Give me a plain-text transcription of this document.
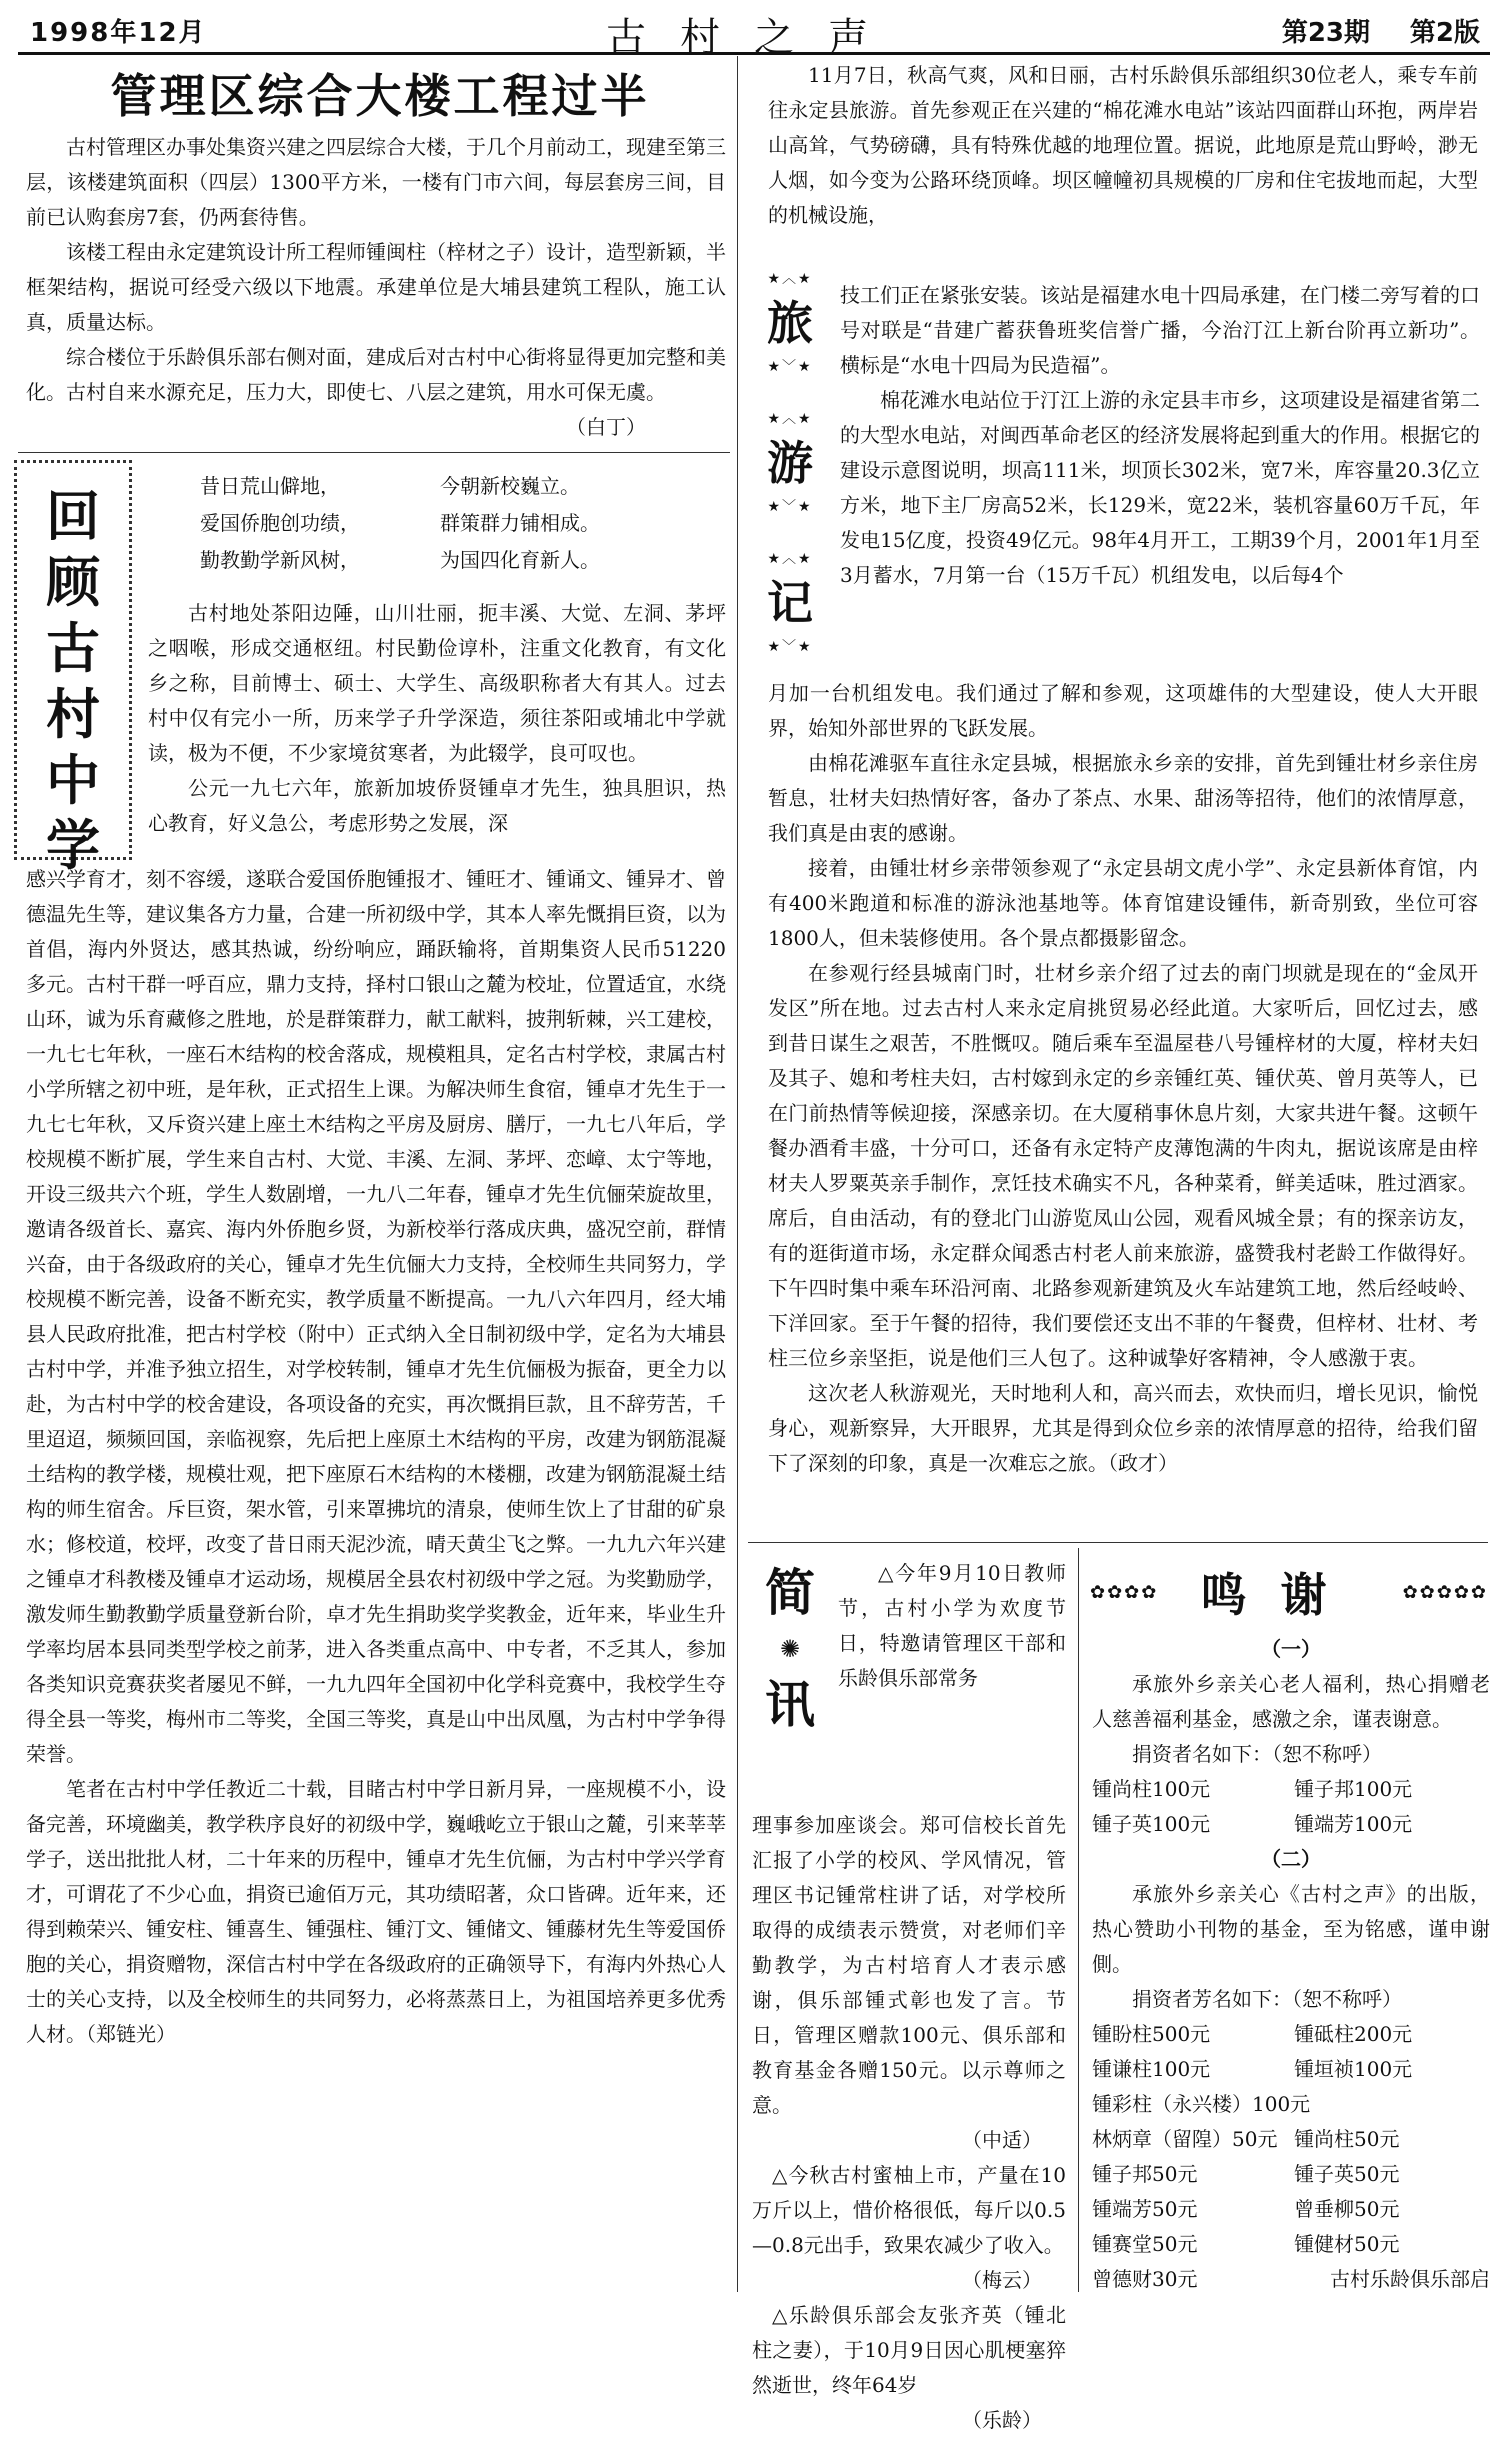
1998年12月	古村之声	第23期 第2版
管理区综合大楼工程过半

古村管理区办事处集资兴建之四层综合大楼，于几个月前动工，现建至第三层，该楼建筑面积（四层）1300平方米，一楼有门市六间，每层套房三间，目前已认购套房7套，仍两套待售。

该楼工程由永定建筑设计所工程师锺闽柱（梓材之子）设计，造型新颖，半框架结构，据说可经受六级以下地震。承建单位是大埔县建筑工程队，施工认真，质量达标。

综合楼位于乐龄俱乐部右侧对面，建成后对古村中心街将显得更加完整和美化。古村自来水源充足，压力大，即使七、八层之建筑，用水可保无虞。

（白丁）

回顾古村中学
昔日荒山僻地，	今朝新校巍立。
爱国侨胞创功绩，	群策群力铺相成。
勤教勤学新风树，	为国四化育新人。

古村地处茶阳边陲，山川壮丽，扼丰溪、大觉、左洞、茅坪之咽喉，形成交通枢纽。村民勤俭谆朴，注重文化教育，有文化乡之称，目前博士、硕士、大学生、高级职称者大有其人。过去村中仅有完小一所，历来学子升学深造，须往茶阳或埔北中学就读，极为不便，不少家境贫寒者，为此辍学，良可叹也。

公元一九七六年，旅新加坡侨贤锺卓才先生，独具胆识，热心教育，好义急公，考虑形势之发展，深

感兴学育才，刻不容缓，遂联合爱国侨胞锺报才、锺旺才、锺诵文、锺异才、曾德温先生等，建议集各方力量，合建一所初级中学，其本人率先慨捐巨资，以为首倡，海内外贤达，感其热诚，纷纷响应，踊跃输将，首期集资人民币51220多元。古村干群一呼百应，鼎力支持，择村口银山之麓为校址，位置适宜，水绕山环，诚为乐育藏修之胜地，於是群策群力，献工献料，披荆斩棘，兴工建校，一九七七年秋，一座石木结构的校舍落成，规模粗具，定名古村学校，隶属古村小学所辖之初中班，是年秋，正式招生上课。为解决师生食宿，锺卓才先生于一九七七年秋，又斥资兴建上座土木结构之平房及厨房、膳厅，一九七八年后，学校规模不断扩展，学生来自古村、大觉、丰溪、左洞、茅坪、恋嶂、太宁等地，开设三级共六个班，学生人数剧增，一九八二年春，锺卓才先生伉俪荣旋故里，邀请各级首长、嘉宾、海内外侨胞乡贤，为新校举行落成庆典，盛况空前，群情兴奋，由于各级政府的关心，锺卓才先生伉俪大力支持，全校师生共同努力，学校规模不断完善，设备不断充实，教学质量不断提高。一九八六年四月，经大埔县人民政府批准，把古村学校（附中）正式纳入全日制初级中学，定名为大埔县古村中学，并准予独立招生，对学校转制，锺卓才先生伉俪极为振奋，更全力以赴，为古村中学的校舍建设，各项设备的充实，再次慨捐巨款，且不辞劳苦，千里迢迢，频频回国，亲临视察，先后把上座原土木结构的平房，改建为钢筋混凝土结构的教学楼，规模壮观，把下座原石木结构的木楼棚，改建为钢筋混凝土结构的师生宿舍。斥巨资，架水管，引来罩拂坑的清泉，使师生饮上了甘甜的矿泉水；修校道，校坪，改变了昔日雨天泥沙流，晴天黄尘飞之弊。一九九六年兴建之锺卓才科教楼及锺卓才运动场，规模居全县农村初级中学之冠。为奖勤励学，激发师生勤教勤学质量登新台阶，卓才先生捐助奖学奖教金，近年来，毕业生升学率均居本县同类型学校之前茅，进入各类重点高中、中专者，不乏其人，参加各类知识竞赛获奖者屡见不鲜，一九九四年全国初中化学科竞赛中，我校学生夺得全县一等奖，梅州市二等奖，全国三等奖，真是山中出凤凰，为古村中学争得荣誉。

笔者在古村中学任教近二十载，目睹古村中学日新月异，一座规模不小，设备完善，环境幽美，教学秩序良好的初级中学，巍峨屹立于银山之麓，引来莘莘学子，送出批批人材，二十年来的历程中，锺卓才先生伉俪，为古村中学兴学育才，可谓花了不少心血，捐资已逾佰万元，其功绩昭著，众口皆碑。近年来，还得到赖荣兴、锺安柱、锺喜生、锺强柱、锺汀文、锺储文、锺藤材先生等爱国侨胞的关心，捐资赠物，深信古村中学在各级政府的正确领导下，有海内外热心人士的关心支持，以及全校师生的共同努力，必将蒸蒸日上，为祖国培养更多优秀人材。（郑链光）

11月7日，秋高气爽，风和日丽，古村乐龄俱乐部组织30位老人，乘专车前往永定县旅游。首先参观正在兴建的“棉花滩水电站”该站四面群山环抱，两岸岩山高耸，气势磅礴，具有特殊优越的地理位置。据说，此地原是荒山野岭，渺无人烟，如今变为公路环绕顶峰。坝区幢幢初具规模的厂房和住宅拔地而起，大型的机械设施，

★︿★
旅
★﹀★
★︿★
游
★﹀★
★︿★
记
★﹀★

技工们正在紧张安装。该站是福建水电十四局承建，在门楼二旁写着的口号对联是“昔建广蓄获鲁班奖信誉广播，今治汀江上新台阶再立新功”。横标是“水电十四局为民造福”。

棉花滩水电站位于汀江上游的永定县丰市乡，这项建设是福建省第二的大型水电站，对闽西革命老区的经济发展将起到重大的作用。根据它的建设示意图说明，坝高111米，坝顶长302米，宽7米，库容量20.3亿立方米，地下主厂房高52米，长129米，宽22米，装机容量60万千瓦，年发电15亿度，投资49亿元。98年4月开工，工期39个月，2001年1月至3月蓄水，7月第一台（15万千瓦）机组发电，以后每4个

月加一台机组发电。我们通过了解和参观，这项雄伟的大型建设，使人大开眼界，始知外部世界的飞跃发展。

由棉花滩驱车直往永定县城，根据旅永乡亲的安排，首先到锺壮材乡亲住房暂息，壮材夫妇热情好客，备办了茶点、水果、甜汤等招待，他们的浓情厚意，我们真是由衷的感谢。

接着，由锺壮材乡亲带领参观了“永定县胡文虎小学”、永定县新体育馆，内有400米跑道和标准的游泳池基地等。体育馆建设锺伟，新奇别致，坐位可容1800人，但未装修使用。各个景点都摄影留念。

在参观行经县城南门时，壮材乡亲介绍了过去的南门坝就是现在的“金凤开发区”所在地。过去古村人来永定肩挑贸易必经此道。大家听后，回忆过去，感到昔日谋生之艰苦，不胜慨叹。随后乘车至温屋巷八号锺梓材的大厦，梓材夫妇及其子、媳和考柱夫妇，古村嫁到永定的乡亲锺红英、锺伏英、曾月英等人，已在门前热情等候迎接，深感亲切。在大厦稍事休息片刻，大家共进午餐。这顿午餐办酒肴丰盛，十分可口，还备有永定特产皮薄饱满的牛肉丸，据说该席是由梓材夫人罗粟英亲手制作，烹饪技术确实不凡，各种菜肴，鲜美适味，胜过酒家。席后，自由活动，有的登北门山游览凤山公园，观看风城全景；有的探亲访友，有的逛街道市场，永定群众闻悉古村老人前来旅游，盛赞我村老龄工作做得好。下午四时集中乘车环沿河南、北路参观新建筑及火车站建筑工地，然后经岐岭、下洋回家。至于午餐的招待，我们要偿还支出不菲的午餐费，但梓材、壮材、考柱三位乡亲坚拒，说是他们三人包了。这种诚挚好客精神，令人感激于衷。

这次老人秋游观光，天时地利人和，高兴而去，欢快而归，增长见识，愉悦身心，观新察异，大开眼界，尤其是得到众位乡亲的浓情厚意的招待，给我们留下了深刻的印象，真是一次难忘之旅。（政才）

简
✺
讯

△今年9月10日教师节，古村小学为欢度节日，特邀请管理区干部和乐龄俱乐部常务

理事参加座谈会。郑可信校长首先汇报了小学的校风、学风情况，管理区书记锺常柱讲了话，对学校所取得的成绩表示赞赏，对老师们辛勤教学，为古村培育人才表示感谢，俱乐部锺式彰也发了言。节日，管理区赠款100元、俱乐部和教育基金各赠150元。以示尊师之意。

（中适）

△今秋古村蜜柚上市，产量在10万斤以上，惜价格很低，每斤以0.5—0.8元出手，致果农减少了收入。

（梅云）

△乐龄俱乐部会友张齐英（锺北柱之妻），于10月9日因心肌梗塞猝然逝世，终年64岁

（乐龄）

✿✿✿✿ 鸣谢 ✿✿✿✿✿

（一）

承旅外乡亲关心老人福利，热心捐赠老人慈善福利基金，感激之余，谨表谢意。

捐资者名如下：（恕不称呼）

锺尚柱100元	锺子邦100元
锺子英100元	锺端芳100元

（二）

承旅外乡亲关心《古村之声》的出版，热心赞助小刊物的基金，至为铭感，谨申谢側。

捐资者芳名如下：（恕不称呼）

锺盼柱500元	锺砥柱200元
锺谦柱100元	锺垣祯100元
锺彩柱（永兴楼）100元
林炳章（留隍）50元 锺尚柱50元
锺子邦50元	锺子英50元
锺端芳50元	曾垂柳50元
锺赛堂50元	锺健材50元
曾德财30元	古村乐龄俱乐部启
